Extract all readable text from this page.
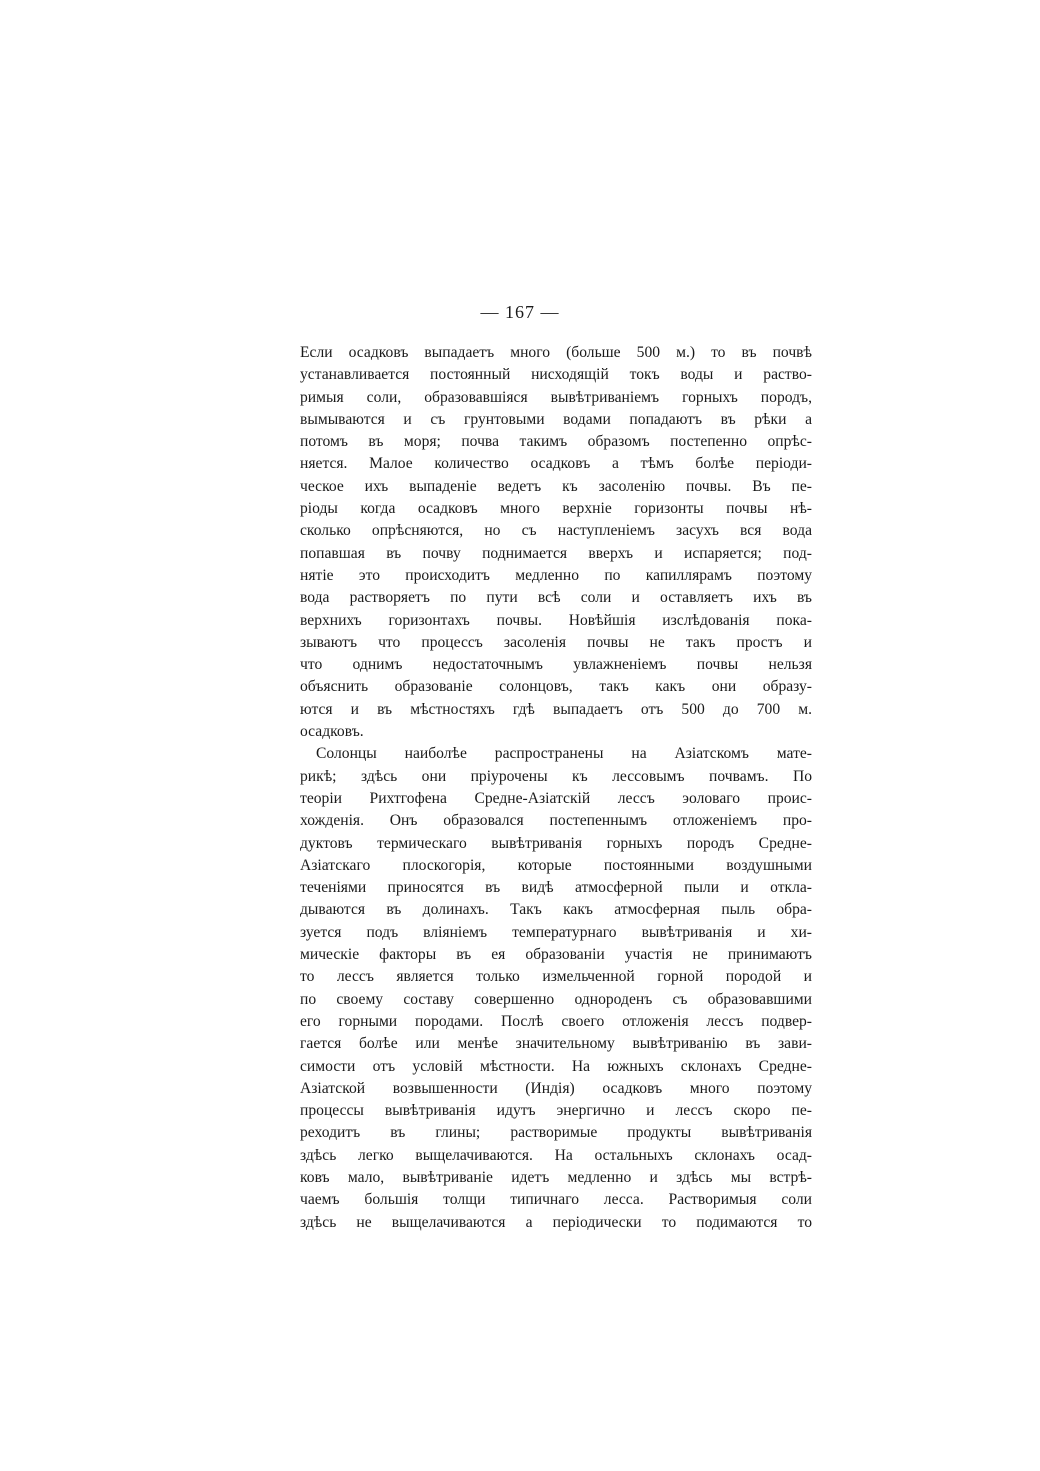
— 167 —
Если осадковъ выпадаетъ много (больше 500 м.) то въ почвѣ
устанавливается постоянный нисходящій токъ воды и раство-
римыя соли, образовавшіяся вывѣтриваніемъ горныхъ породъ,
вымываются и съ грунтовыми водами попадаютъ въ рѣки а
потомъ въ моря; почва такимъ образомъ постепенно опрѣс-
няется. Малое количество осадковъ а тѣмъ болѣе періоди-
ческое ихъ выпаденіе ведетъ къ засоленію почвы. Въ пе-
ріоды когда осадковъ много верхніе горизонты почвы нѣ-
сколько опрѣсняются, но съ наступленіемъ засухъ вся вода
попавшая въ почву поднимается вверхъ и испаряется; под-
нятіе это происходитъ медленно по капиллярамъ поэтому
вода растворяетъ по пути всѣ соли и оставляетъ ихъ въ
верхнихъ горизонтахъ почвы. Новѣйшія изслѣдованія пока-
зываютъ что процессъ засоленія почвы не такъ простъ и
что однимъ недостаточнымъ увлажненіемъ почвы нельзя
объяснить образованіе солонцовъ, такъ какъ они образу-
ются и въ мѣстностяхъ гдѣ выпадаетъ отъ 500 до 700 м.
осадковъ.
Солонцы наиболѣе распространены на Азіатскомъ мате-
рикѣ; здѣсь они пріурочены къ лессовымъ почвамъ. По
теоріи Рихтгофена Средне-Азіатскій лессъ эоловаго проис-
хожденія. Онъ образовался постепеннымъ отложеніемъ про-
дуктовъ термическаго вывѣтриванія горныхъ породъ Средне-
Азіатскаго плоскогорія, которые постоянными воздушными
теченіями приносятся въ видѣ атмосферной пыли и откла-
дываются въ долинахъ. Такъ какъ атмосферная пыль обра-
зуется подъ вліяніемъ температурнаго вывѣтриванія и хи-
мическіе факторы въ ея образованіи участія не принимаютъ
то лессъ является только измельченной горной породой и
по своему составу совершенно однороденъ съ образовавшими
его горными породами. Послѣ своего отложенія лессъ подвер-
гается болѣе или менѣе значительному вывѣтриванію въ зави-
симости отъ условій мѣстности. На южныхъ склонахъ Средне-
Азіатской возвышенности (Индія) осадковъ много поэтому
процессы вывѣтриванія идутъ энергично и лессъ скоро пе-
реходитъ въ глины; растворимые продукты вывѣтриванія
здѣсь легко выщелачиваются. На остальныхъ склонахъ осад-
ковъ мало, вывѣтриваніе идетъ медленно и здѣсь мы встрѣ-
чаемъ большія толщи типичнаго лесса. Растворимыя соли
здѣсь не выщелачиваются а періодически то подимаются то
